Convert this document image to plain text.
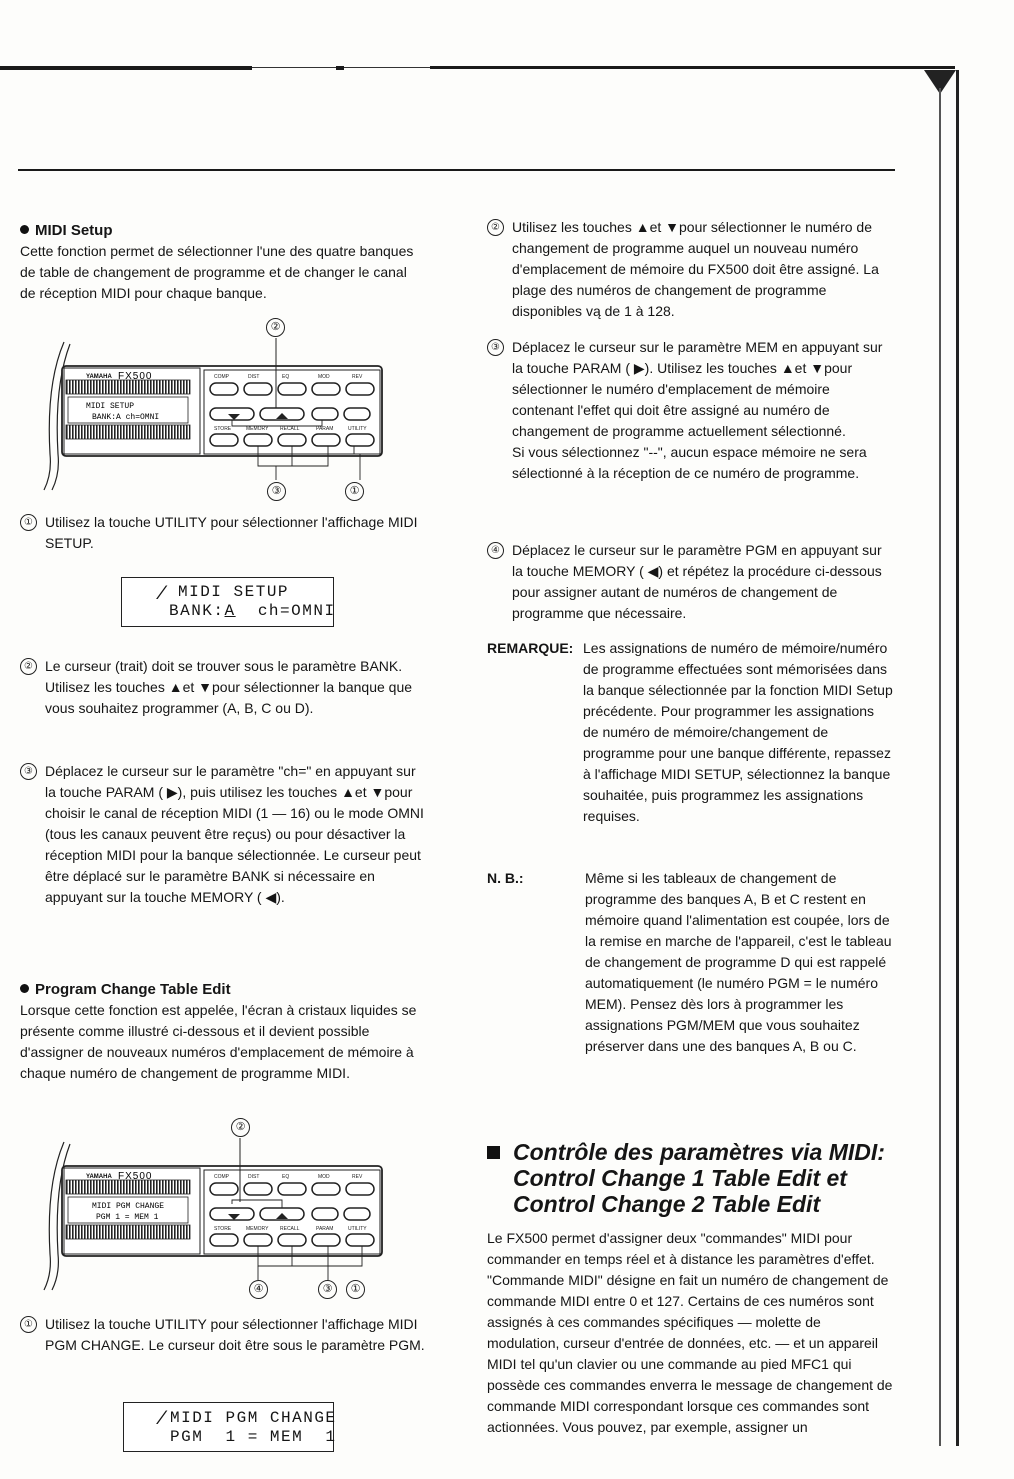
MIDI Setup
Cette fonction permet de sélectionner l'une des quatre banques de table de changement de programme et de changer le canal de réception MIDI pour chaque banque.
YAMAHA FX500
MIDI SETUP
BANK:A ch=OMNI
COMP	DIST	EQ	MOD	REV
STORE	MEMORY RECALL	PARAM	UTILITY
②
③	①
① Utilisez la touche UTILITY pour sélectionner l'affichage MIDI SETUP.

/

MIDI SETUP

BANK:A  ch=OMNI

② Le curseur (trait) doit se trouver sous le paramètre BANK. Utilisez les touches ▲et ▼pour sélectionner la banque que vous souhaitez programmer (A, B, C ou D).
③ Déplacez le curseur sur le paramètre "ch=" en appuyant sur la touche PARAM ( ▶), puis utilisez les touches ▲et ▼pour choisir le canal de réception MIDI (1 — 16) ou le mode OMNI (tous les canaux peuvent être reçus) ou pour désactiver la réception MIDI pour la banque sélectionnée. Le curseur peut être déplacé sur le paramètre BANK si nécessaire en appuyant sur la touche MEMORY ( ◀).
Program Change Table Edit
Lorsque cette fonction est appelée, l'écran à cristaux liquides se présente comme illustré ci-dessous et il devient possible d'assigner de nouveaux numéros d'emplacement de mémoire à chaque numéro de changement de programme MIDI.
YAMAHA FX500
MIDI PGM CHANGE
PGM 1 = MEM 1
COMP	DIST	EQ	MOD	REV
STORE	MEMORY RECALL	PARAM	UTILITY
②
④	③	①
① Utilisez la touche UTILITY pour sélectionner l'affichage MIDI PGM CHANGE. Le curseur doit être sous le paramètre PGM.

/

MIDI PGM CHANGE

PGM  1 = MEM  1

② Utilisez les touches ▲et ▼pour sélectionner le numéro de changement de programme auquel un nouveau numéro d'emplacement de mémoire du FX500 doit être assigné. La plage des numéros de changement de programme disponibles vą de 1 à 128.
③ Déplacez le curseur sur le paramètre MEM en appuyant sur la touche PARAM ( ▶). Utilisez les touches ▲et ▼pour sélectionner le numéro d'emplacement de mémoire contenant l'effet qui doit être assigné au numéro de changement de programme actuellement sélectionné.
Si vous sélectionnez "--", aucun espace mémoire ne sera sélectionné à la réception de ce numéro de programme.
④ Déplacez le curseur sur le paramètre PGM en appuyant sur la touche MEMORY ( ◀) et répétez la procédure ci-dessous pour assigner autant de numéros de changement de programme que nécessaire.
REMARQUE: Les assignations de numéro de mémoire/numéro de programme effectuées sont mémorisées dans la banque sélectionnée par la fonction MIDI Setup précédente. Pour programmer les assignations de numéro de mémoire/changement de programme pour une banque différente, repassez à l'affichage MIDI SETUP, sélectionnez la banque souhaitée, puis programmez les assignations requises.
N. B.:	Même si les tableaux de changement de programme des banques A, B et C restent en mémoire quand l'alimentation est coupée, lors de la remise en marche de l'appareil, c'est le tableau de changement de programme D qui est rappelé automatiquement (le numéro PGM = le numéro MEM). Pensez dès lors à programmer les assignations PGM/MEM que vous souhaitez préserver dans une des banques A, B ou C.
Contrôle des paramètres via MIDI:
Control Change 1 Table Edit et
Control Change 2 Table Edit
Le FX500 permet d'assigner deux "commandes" MIDI pour commander en temps réel et à distance les paramètres d'effet. "Commande MIDI" désigne en fait un numéro de changement de commande MIDI entre 0 et 127. Certains de ces numéros sont assignés à ces commandes spécifiques — molette de modulation, curseur d'entrée de données, etc. — et un appareil MIDI tel qu'un clavier ou une commande au pied MFC1 qui possède ces commandes enverra le message de changement de commande MIDI correspondant lorsque ces commandes sont actionnées. Vous pouvez, par exemple, assigner un
